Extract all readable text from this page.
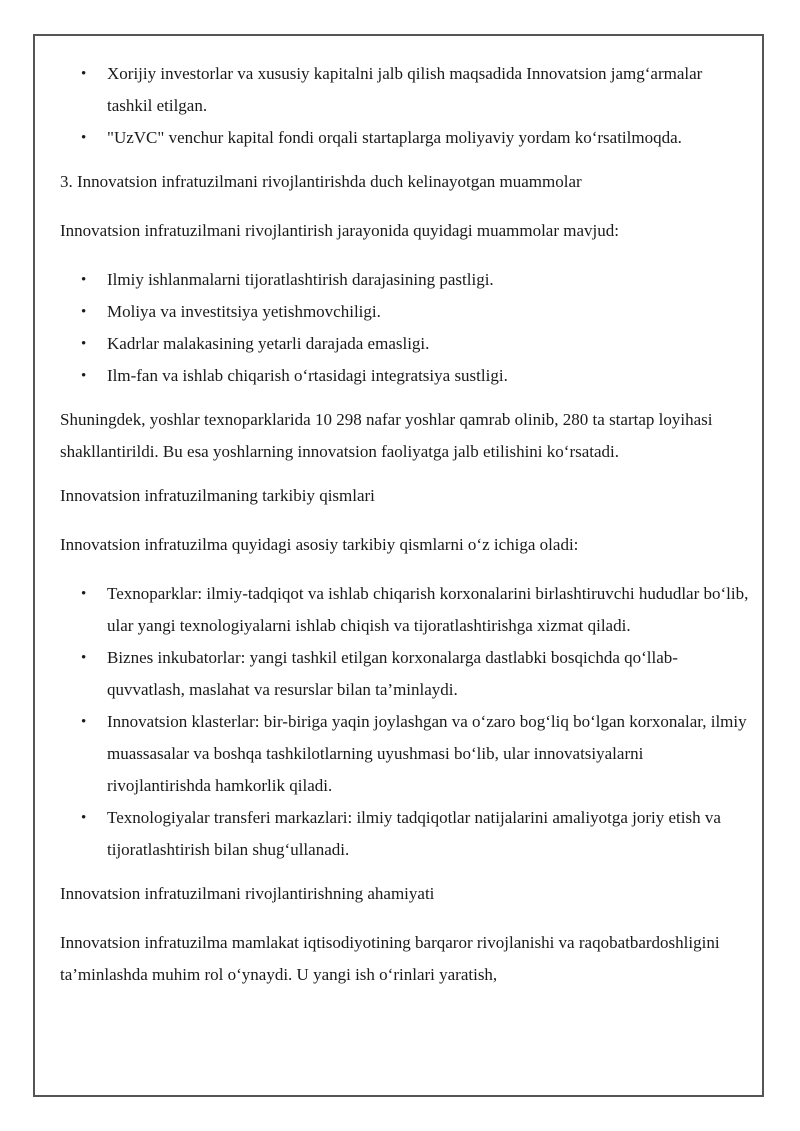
• Xorijiy investorlar va xususiy kapitalni jalb qilish maqsadida Innovatsion jamg‘armalar tashkil etilgan.
• "UzVC" venchur kapital fondi orqali startaplarga moliyaviy yordam ko‘rsatilmoqda.

3. Innovatsion infratuzilmani rivojlantirishda duch kelinayotgan muammolar

Innovatsion infratuzilmani rivojlantirish jarayonida quyidagi muammolar mavjud:

• Ilmiy ishlanmalarni tijoratlashtirish darajasining pastligi.
• Moliya va investitsiya yetishmovchiligi.
• Kadrlar malakasining yetarli darajada emasligi.
• Ilm-fan va ishlab chiqarish o‘rtasidagi integratsiya sustligi.

Shuningdek, yoshlar texnoparklarida 10 298 nafar yoshlar qamrab olinib, 280 ta startap loyihasi shakllantirildi. Bu esa yoshlarning innovatsion faoliyatga jalb etilishini ko‘rsatadi.

Innovatsion infratuzilmaning tarkibiy qismlari

Innovatsion infratuzilma quyidagi asosiy tarkibiy qismlarni o‘z ichiga oladi:

• Texnoparklar: ilmiy-tadqiqot va ishlab chiqarish korxonalarini birlashtiruvchi hududlar bo‘lib, ular yangi texnologiyalarni ishlab chiqish va tijoratlashtirishga xizmat qiladi.
• Biznes inkubatorlar: yangi tashkil etilgan korxonalarga dastlabki bosqichda qo‘llab-quvvatlash, maslahat va resurslar bilan ta’minlaydi.
• Innovatsion klasterlar: bir-biriga yaqin joylashgan va o‘zaro bog‘liq bo‘lgan korxonalar, ilmiy muassasalar va boshqa tashkilotlarning uyushmasi bo‘lib, ular innovatsiyalarni rivojlantirishda hamkorlik qiladi.
• Texnologiyalar transferi markazlari: ilmiy tadqiqotlar natijalarini amaliyotga joriy etish va tijoratlashtirish bilan shug‘ullanadi.

Innovatsion infratuzilmani rivojlantirishning ahamiyati

Innovatsion infratuzilma mamlakat iqtisodiyotining barqaror rivojlanishi va raqobatbardoshligini ta’minlashda muhim rol o‘ynaydi. U yangi ish o‘rinlari yaratish,
